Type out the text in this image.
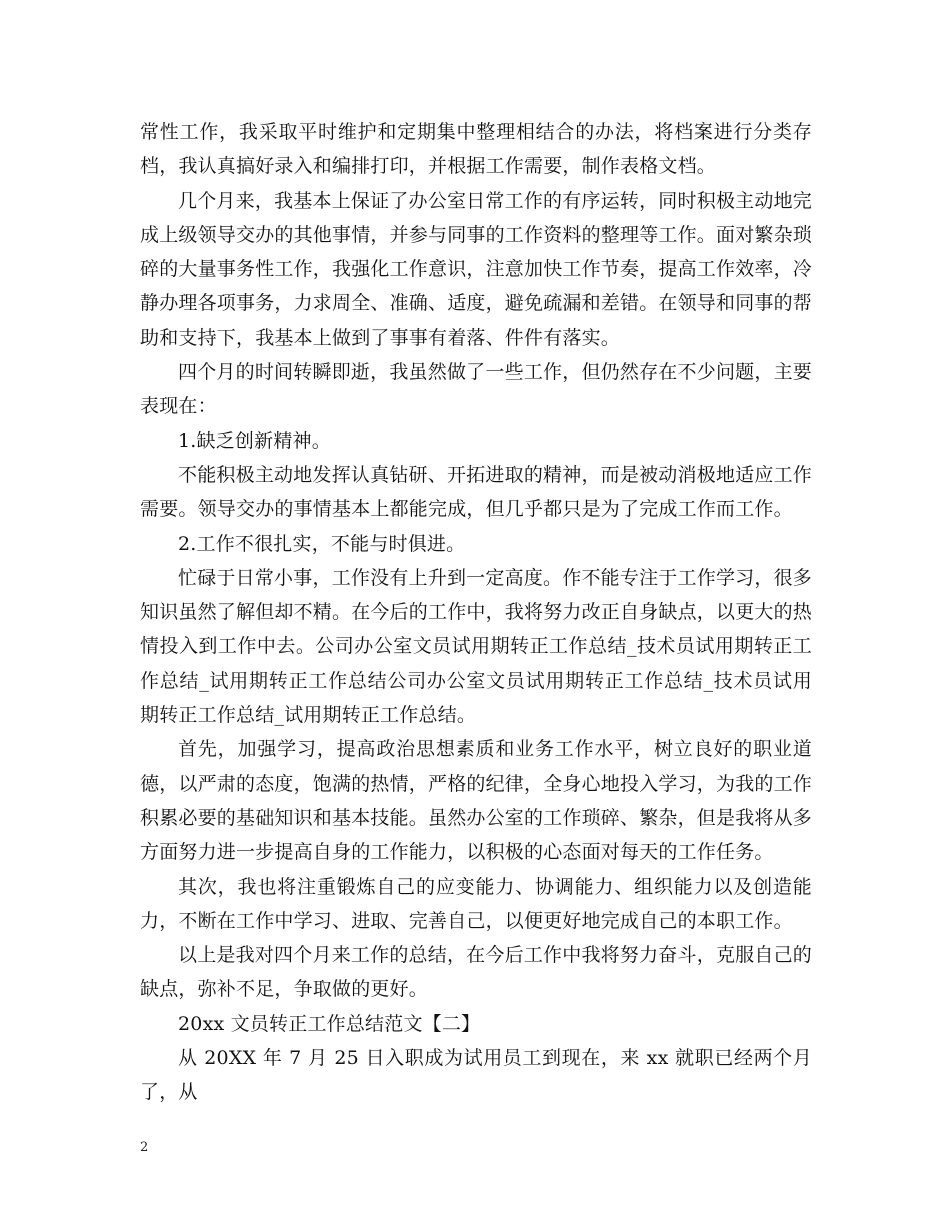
常性工作，我采取平时维护和定期集中整理相结合的办法，将档案进行分类存档，我认真搞好录入和编排打印，并根据工作需要，制作表格文档。

几个月来，我基本上保证了办公室日常工作的有序运转，同时积极主动地完成上级领导交办的其他事情，并参与同事的工作资料的整理等工作。面对繁杂琐碎的大量事务性工作，我强化工作意识，注意加快工作节奏，提高工作效率，冷静办理各项事务，力求周全、准确、适度，避免疏漏和差错。在领导和同事的帮助和支持下，我基本上做到了事事有着落、件件有落实。

四个月的时间转瞬即逝，我虽然做了一些工作，但仍然存在不少问题，主要表现在：

1.缺乏创新精神。

不能积极主动地发挥认真钻研、开拓进取的精神，而是被动消极地适应工作需要。领导交办的事情基本上都能完成，但几乎都只是为了完成工作而工作。

2.工作不很扎实，不能与时俱进。

忙碌于日常小事，工作没有上升到一定高度。作不能专注于工作学习，很多知识虽然了解但却不精。在今后的工作中，我将努力改正自身缺点，以更大的热情投入到工作中去。公司办公室文员试用期转正工作总结_技术员试用期转正工作总结_试用期转正工作总结公司办公室文员试用期转正工作总结_技术员试用期转正工作总结_试用期转正工作总结。

首先，加强学习，提高政治思想素质和业务工作水平，树立良好的职业道德，以严肃的态度，饱满的热情，严格的纪律，全身心地投入学习，为我的工作积累必要的基础知识和基本技能。虽然办公室的工作琐碎、繁杂，但是我将从多方面努力进一步提高自身的工作能力，以积极的心态面对每天的工作任务。

其次，我也将注重锻炼自己的应变能力、协调能力、组织能力以及创造能力，不断在工作中学习、进取、完善自己，以便更好地完成自己的本职工作。

以上是我对四个月来工作的总结，在今后工作中我将努力奋斗，克服自己的缺点，弥补不足，争取做的更好。

20xx 文员转正工作总结范文【二】

从 20XX 年 7 月 25 日入职成为试用员工到现在，来 xx 就职已经两个月了，从

2
